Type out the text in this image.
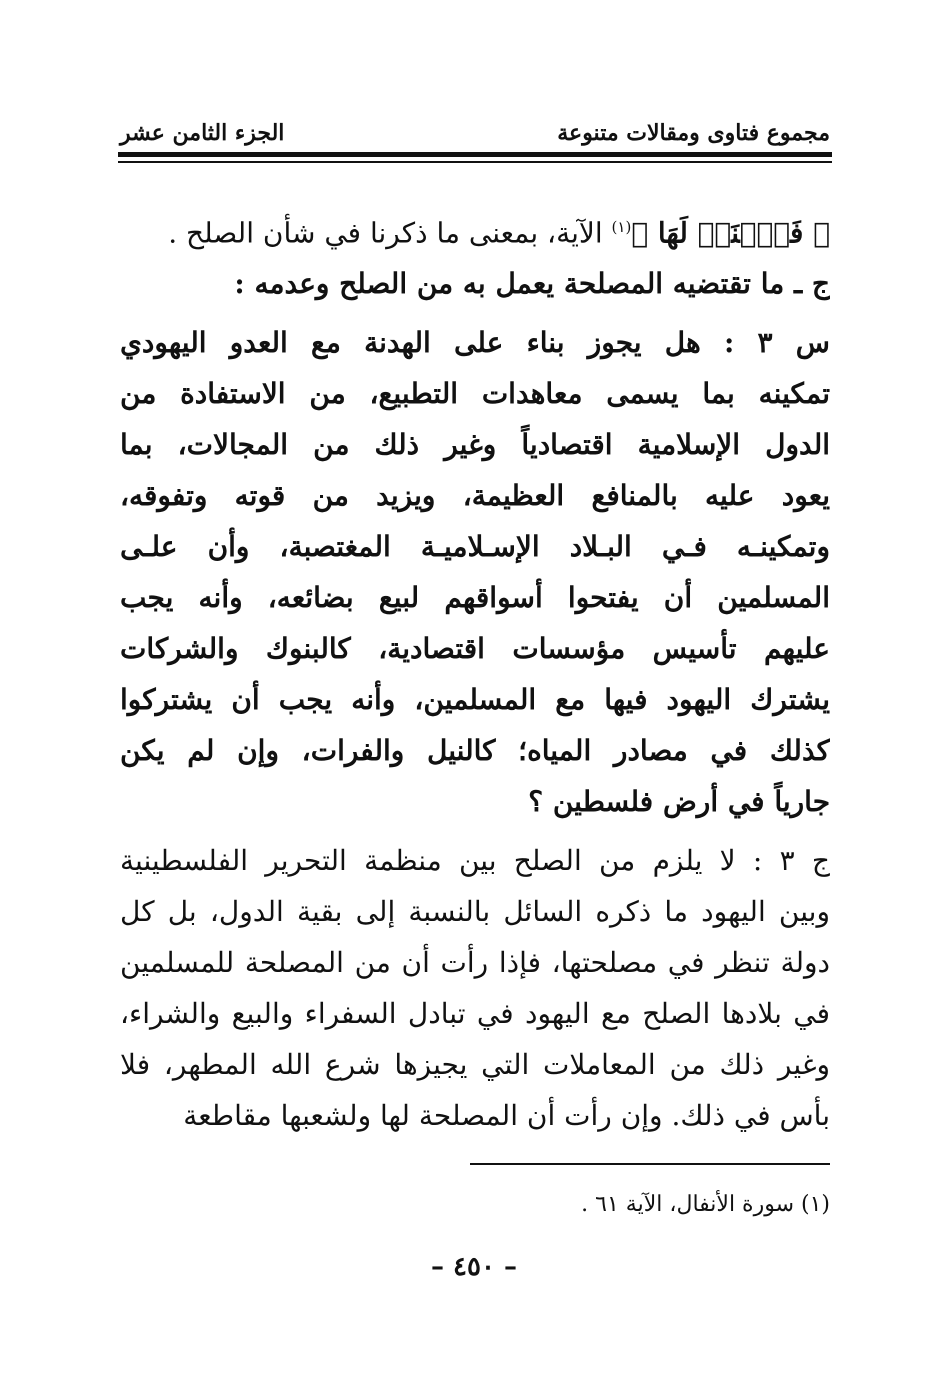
مجموع فتاوى ومقالات متنوعة
الجزء الثامن عشر
﴿ فَٱجۡنَحۡ لَهَا ﴾$^{(١)}$ الآية، بمعنى ما ذكرنا في شأن الصلح .
ج ـ ما تقتضيه المصلحة يعمل به من الصلح وعدمه :
س ٣ : هل يجوز بناء على الهدنة مع العدو اليهودي
تمكينه بما يسمى معاهدات التطبيع، من الاستفادة من
الدول الإسلامية اقتصادياً وغير ذلك من المجالات، بما
يعود عليه بالمنافع العظيمة، ويزيد من قوته وتفوقه،
وتمكينـه فـي البـلاد الإسـلاميـة المغتصبة، وأن علـى
المسلمين أن يفتحوا أسواقهم لبيع بضائعه، وأنه يجب
عليهم تأسيس مؤسسات اقتصادية، كالبنوك والشركات
يشترك اليهود فيها مع المسلمين، وأنه يجب أن يشتركوا
كذلك في مصادر المياه؛ كالنيل والفرات، وإن لم يكن
جارياً في أرض فلسطين ؟
ج ٣ : لا يلزم من الصلح بين منظمة التحرير الفلسطينية
وبين اليهود ما ذكره السائل بالنسبة إلى بقية الدول، بل كل
دولة تنظر في مصلحتها، فإذا رأت أن من المصلحة للمسلمين
في بلادها الصلح مع اليهود في تبادل السفراء والبيع والشراء،
وغير ذلك من المعاملات التي يجيزها شرع الله المطهر، فلا
بأس في ذلك. وإن رأت أن المصلحة لها ولشعبها مقاطعة
(١) سورة الأنفال، الآية ٦١ .
– ٤٥٠ –
